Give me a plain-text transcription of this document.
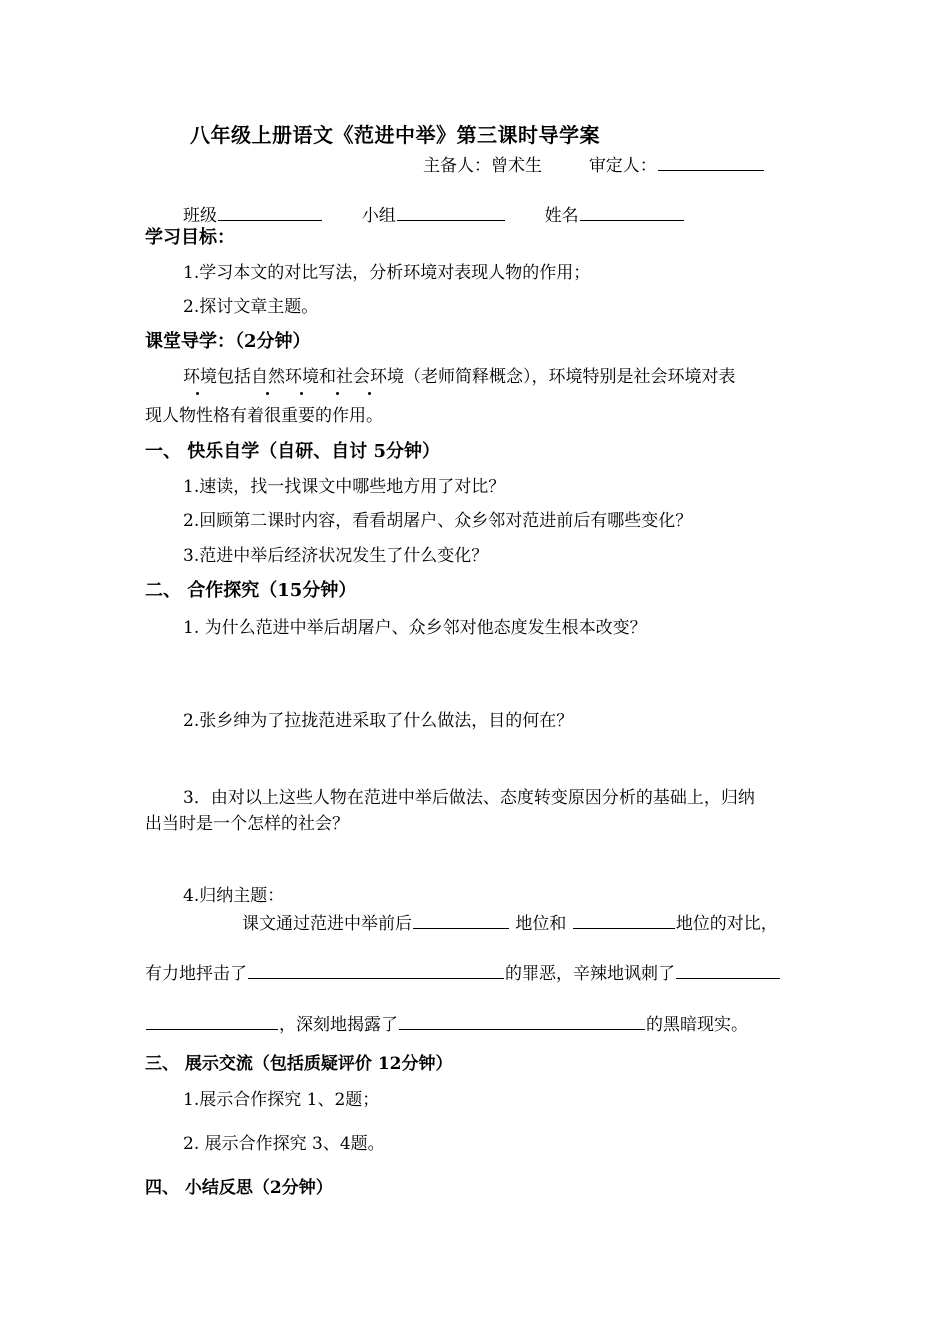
八年级上册语文《范进中举》第三课时导学案
主备人：曾术生	审定人：
班级	小组	姓名
学习目标：
1.学习本文的对比写法，分析环境对表现人物的作用；
2.探讨文章主题。
课堂导学：（2分钟）
环境包括自然环境和社会环境（老师简释概念），环境特别是社会环境对表
现人物性格有着很重要的作用。
一、 快乐自学（自研、自讨 5分钟）
1.速读，找一找课文中哪些地方用了对比？
2.回顾第二课时内容，看看胡屠户、众乡邻对范进前后有哪些变化？
3.范进中举后经济状况发生了什么变化？
二、 合作探究（15分钟）
1. 为什么范进中举后胡屠户、众乡邻对他态度发生根本改变？
2.张乡绅为了拉拢范进采取了什么做法，目的何在？
3．由对以上这些人物在范进中举后做法、态度转变原因分析的基础上，归纳
出当时是一个怎样的社会？
4.归纳主题：
课文通过范进中举前后	地位和	地位的对比，
有力地抨击了	的罪恶，辛辣地讽刺了
，深刻地揭露了	的黑暗现实。
三、 展示交流（包括质疑评价 12分钟）
1.展示合作探究 1、2题；
2. 展示合作探究 3、4题。
四、 小结反思（2分钟）
